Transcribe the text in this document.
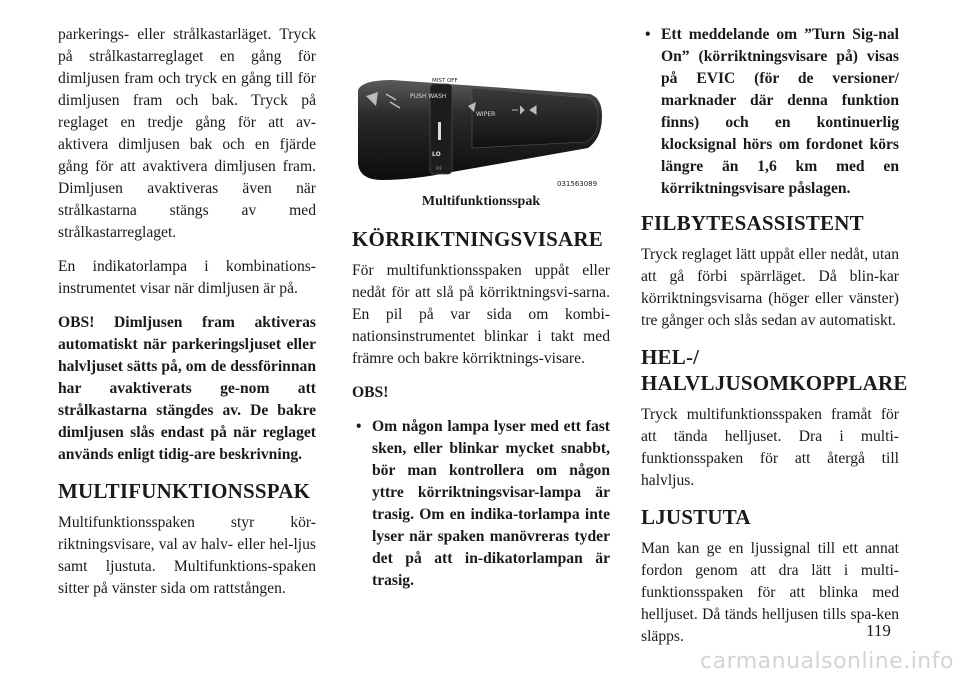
parkerings- eller strålkastarläget. Tryck på strålkastarreglaget en gång för dimljusen fram och tryck en gång till för dimljusen fram och bak. Tryck på reglaget en tredje gång för att av-aktivera dimljusen bak och en fjärde gång för att avaktivera dimljusen fram. Dimljusen avaktiveras även när strålkastarna stängs av med strålkastarreglaget.

En indikatorlampa i kombinations-instrumentet visar när dimljusen är på.

OBS! Dimljusen fram aktiveras automatiskt när parkeringsljuset eller halvljuset sätts på, om de dessförinnan har avaktiverats ge-nom att strålkastarna stängdes av. De bakre dimljusen slås endast på när reglaget används enligt tidig-are beskrivning.

MULTIFUNKTIONSSPAK

Multifunktionsspaken styr kör-riktningsvisare, val av halv- eller hel-ljus samt ljustuta. Multifunktions-spaken sitter på vänster sida om rattstången.

PUSH WASH
MIST OFF
WIPER
LO
P/F
031563089
Multifunktionsspak
KÖRRIKTNINGSVISARE

För multifunktionsspaken uppåt eller nedåt för att slå på körriktningsvi-sarna. En pil på var sida om kombi-nationsinstrumentet blinkar i takt med främre och bakre körriktnings-visare.

OBS!

• Om någon lampa lyser med ett fast sken, eller blinkar mycket snabbt, bör man kontrollera om någon yttre körriktningsvisar-lampa är trasig. Om en indika-torlampa inte lyser när spaken manövreras tyder det på att in-dikatorlampan är trasig.
• Ett meddelande om ”Turn Sig-nal On” (körriktningsvisare på) visas på EVIC (för de versioner/ marknader där denna funktion finns) och en kontinuerlig klocksignal hörs om fordonet körs längre än 1,6 km med en körriktningsvisare påslagen.
FILBYTESASSISTENT

Tryck reglaget lätt uppåt eller nedåt, utan att gå förbi spärrläget. Då blin-kar körriktningsvisarna (höger eller vänster) tre gånger och slås sedan av automatiskt.

HEL-/ HALVLJUSOMKOPPLARE

Tryck multifunktionsspaken framåt för att tända helljuset. Dra i multi-funktionsspaken för att återgå till halvljus.

LJUSTUTA

Man kan ge en ljussignal till ett annat fordon genom att dra lätt i multi-funktionsspaken för att blinka med helljuset. Då tänds helljusen tills spa-ken släpps.	119
carmanualsonline.info
